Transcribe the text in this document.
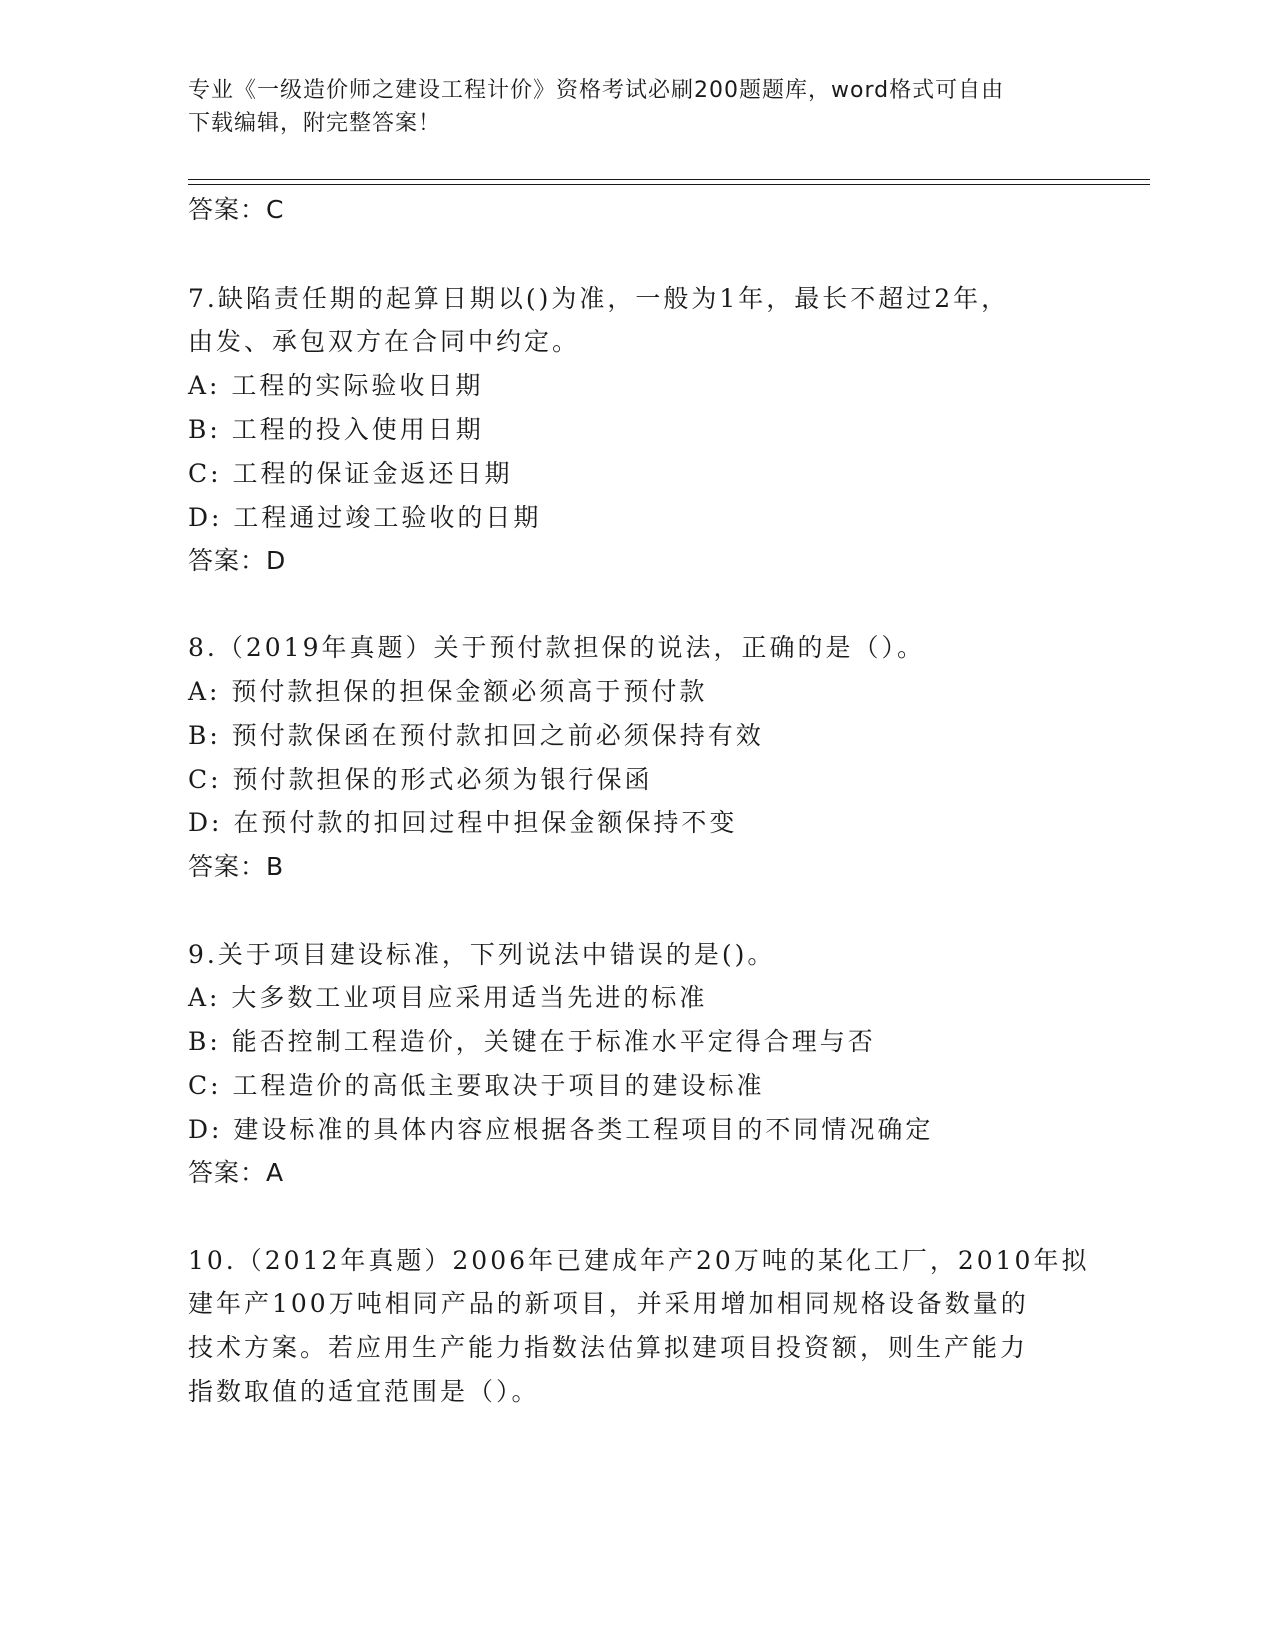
专业《一级造价师之建设工程计价》资格考试必刷200题题库，word格式可自由
下载编辑，附完整答案！
答案：C
7.缺陷责任期的起算日期以()为准，一般为1年，最长不超过2年，
由发、承包双方在合同中约定。
A: 工程的实际验收日期
B: 工程的投入使用日期
C: 工程的保证金返还日期
D: 工程通过竣工验收的日期
答案：D
8.（2019年真题）关于预付款担保的说法，正确的是（）。
A: 预付款担保的担保金额必须高于预付款
B: 预付款保函在预付款扣回之前必须保持有效
C: 预付款担保的形式必须为银行保函
D: 在预付款的扣回过程中担保金额保持不变
答案：B
9.关于项目建设标准，下列说法中错误的是()。
A: 大多数工业项目应采用适当先进的标准
B: 能否控制工程造价，关键在于标准水平定得合理与否
C: 工程造价的高低主要取决于项目的建设标准
D: 建设标准的具体内容应根据各类工程项目的不同情况确定
答案：A
10.（2012年真题）2006年已建成年产20万吨的某化工厂，2010年拟
建年产100万吨相同产品的新项目，并采用增加相同规格设备数量的
技术方案。若应用生产能力指数法估算拟建项目投资额，则生产能力
指数取值的适宜范围是（）。
